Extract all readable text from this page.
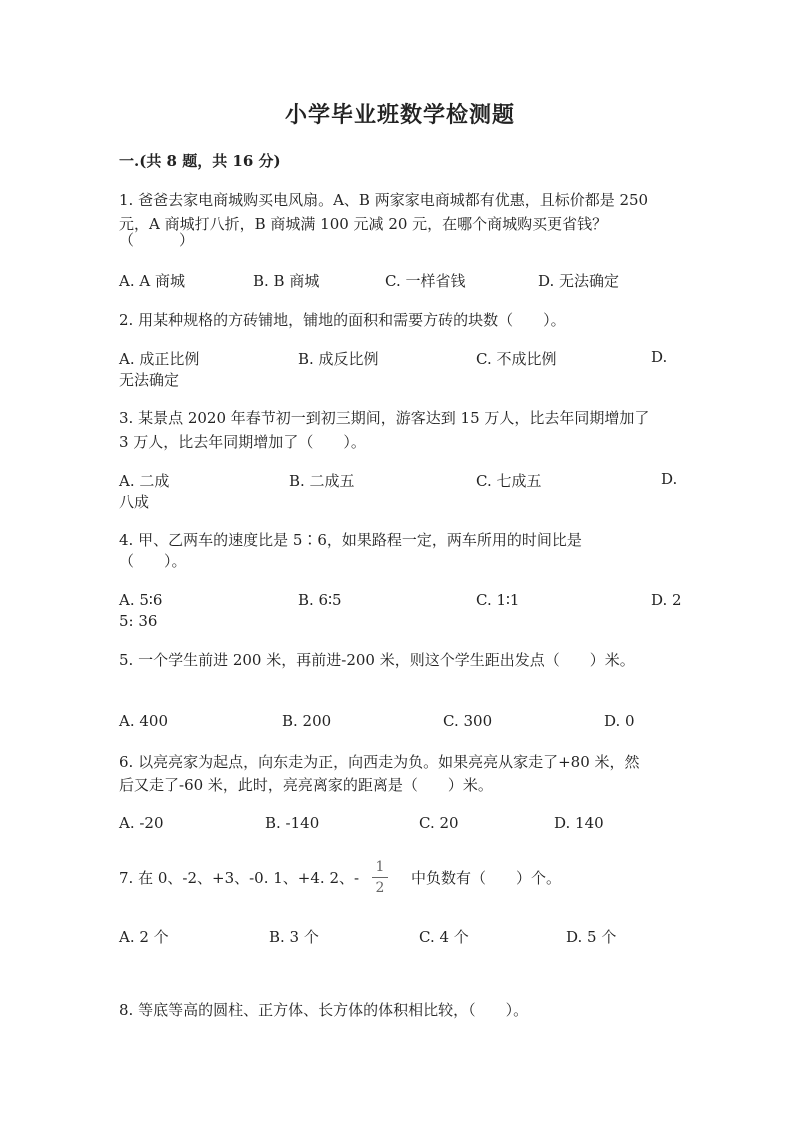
小学毕业班数学检测题
一.(共 8 题，共 16 分)
1. 爸爸去家电商城购买电风扇。A、B 两家家电商城都有优惠，且标价都是 250
元，A 商城打八折，B 商城满 100 元减 20 元，在哪个商城购买更省钱？
（　　　）
A. A 商城	B. B 商城	C. 一样省钱	D. 无法确定
2. 用某种规格的方砖铺地，铺地的面积和需要方砖的块数（　　）。
A. 成正比例	B. 成反比例	C. 不成比例	D.
无法确定
3. 某景点 2020 年春节初一到初三期间，游客达到 15 万人，比去年同期增加了
3 万人，比去年同期增加了（　　）。
A. 二成	B. 二成五	C. 七成五	D.
八成
4. 甲、乙两车的速度比是 5∶6，如果路程一定，两车所用的时间比是
（　　）。
A. 5∶6	B. 6∶5	C. 1∶1	D. 2
5: 36
5. 一个学生前进 200 米，再前进-200 米，则这个学生距出发点（　　）米。
A. 400	B. 200	C. 300	D. 0
6. 以亮亮家为起点，向东走为正，向西走为负。如果亮亮从家走了+80 米，然
后又走了-60 米，此时，亮亮离家的距离是（　　）米。
A. -20	B. -140	C. 20	D. 140
7. 在 0、-2、+3、-0. 1、+4. 2、-
1
2
中负数有（　　）个。
A. 2 个	B. 3 个	C. 4 个	D. 5 个
8. 等底等高的圆柱、正方体、长方体的体积相比较，（　　）。
